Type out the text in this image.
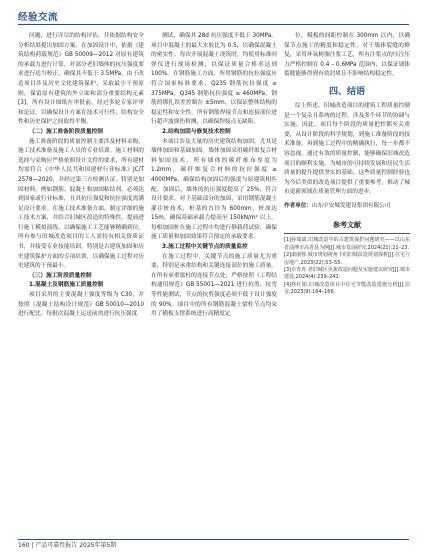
经验交流

问题，进行详尽的结构评估，并依据结构安全分析结果提出加固方案。在加固设计中，依据《建筑结构荷载规范》GB 50009—2012 对原有建筑的承载力进行计算，对部分老旧墙体的抗压强度要求进行适当校正，确保其不低于 3.5MPa。由于改造项目涉及历史文化建筑保护，采取最小干预原则，保留原有建筑的外立面和部分重要结构元素[3]。所有设计图纸在审批前，经过多轮专家评审和论证，以确保设计方案在技术可行性、结构安全性和历史保护之间取得平衡。

（二）施工准备阶段质量控制

施工准备阶段的质量控制主要涉及材料采购、施工技术准备及施工人员的专业培训。施工材料的选择与采购应严格依照设计文件的要求，所有建材均需符合《中华人民共和国建材行业标准》JC/T 2578—2020，并经过第三方检测认证。特别是加固材料，例如钢筋、混凝土和加固粘结剂，必须达到国家或行业标准，且其抗压强度和抗拉强度需满足设计要求。在施工技术准备方面，制定详细的施工技术方案，并结合旧城区改造的特殊性，提前进行施工模拟演练，以确保施工工艺能够精确到位。所有参与旧城改造项目的工人需持有相关资质证书，并接受专业技能培训，特别是古建筑加固和历史建筑保护方面的专项培训，以确保施工过程对历史建筑的干预最小。

（三）施工阶段质量控制

1.混凝土及钢筋施工质量控制

项目采用的主要混凝土强度等级为 C30，并按照《混凝土结构设计规范》GB 50010—2010 进行配比。每批次混凝土运送前需进行抗压强度

测试，确保其 28d 抗压强度不低于 30MPa。项目中混凝土的最大水胶比为 0.5，以确保混凝土的密实性。每次开展混凝土浇筑时，均使用标准回弹仪进行现场检测，以保证质量合格率达到 100%。在钢筋施工方面，所用钢筋的抗拉强度应符合国家标准要求，Q235 钢筋抗拉强度 ≥ 375MPa，Q345 钢筋抗拉强度 ≥ 460MPa。钢筋的绑扎误差控制在 ±5mm，以保证整体结构的稳定性和安全性。所有钢筋焊接节点和连接部位进行超声波探伤检测，以确保焊接点无缺陷。

2.结构加固与修复技术控制

本项目涉及大量的历史建筑结构加固，尤其是墙体加固和基础加固。墙体加固采用碳纤维复合材料加固技术，所有墙体的碳纤维布厚度为 1.2mm，碳纤维复合材料的抗拉强度 ≥ 4000MPa，确保结构加固后的强度与原建筑相匹配。加固后，墙体的抗压强度提高了 25%，符合设计要求。对于基础部分的加固，采用钢筋混凝土灌注桩技术，桩基的直径为 600mm，桩深达 15m，确保基础承载力提高至 150kN/m² 以上。每根加固桩在施工过程中均进行静载荷试验，确保施工质量和加固效果符合预定的承载要求。

3.施工过程中关键节点的质量监控

在施工过程中，关键节点的施工质量尤为重要，特别是承重结构和关键连接部位的施工质量。在所有承重梁柱的连接节点处，严格按照《工程结构通用规范》GB 55001—2021 进行抗剪、抗弯等性能测试，节点的抗剪强度必须不低于设计强度的 90%。项目中的所有钢筋混凝土梁柱节点均采用了横板支撑系统进行高精度定

位，模板的间距控制在 300mm 以内，以确保节点施工的精度和稳定性。对于墙体裂缝的修复，采用环氧树脂注浆工艺，所有注浆点的压注压力严格控制在 0.4 – 0.6MPa 范围内，以保证墙体裂缝能够得到有效封堵且不影响结构稳定性。

四、结语

综上所述，旧城改造项目的建筑工程质量控制是一个复杂且系统的过程，涉及多个环节的协调与实施。因此，项目每个阶段的质量把控都至关重要，从设计阶段的科学规划，到施工准备阶段的技术准备，再到施工过程中的精确执行，每一步都不容忽视。通过有效的质量控制，能够确保旧城改造项目的顺利实施，为城市的可持续发展和居民生活质量的提升提供坚实的基础。这些质量控制经验也为今后类似的改造项目提供了重要参考，推动了城市更新领域在质量管理方面的进步。

作者单位：山东中安城发建设集团有限公司
参考文献

[1]孙瑞斌.旧城改造中的古建筑保护问题研究——以山东省淄博市高青县为例[J].城市发展研究,2024(21):21–23.

[2]康丽蓉.城市规划视角下的旧城改造规划探析[J].住宅与房地产,2023(22):53–55.

[3]卓青青.老旧城区更新改造问题及实施建议研究[J].城市建设,2024(4):239–241.

[4]佟红娟.旧城改造项目中住宅节能改造措施分析[J].居舍,2023(9):164–166.

160 | 产品可靠性报告 2025年第5期
